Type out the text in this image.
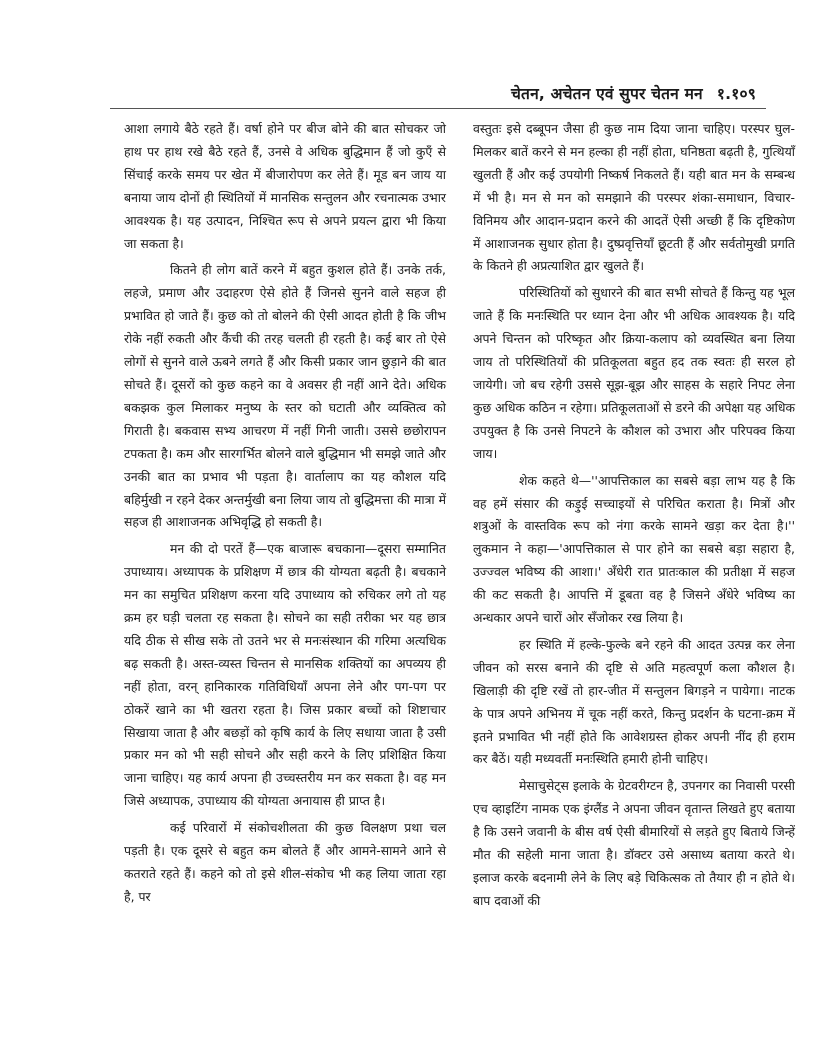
चेतन, अचेतन एवं सुपर चेतन मन १.१०९

आशा लगाये बैठे रहते हैं। वर्षा होने पर बीज बोने की बात सोचकर जो हाथ पर हाथ रखे बैठे रहते हैं, उनसे वे अधिक बुद्धिमान हैं जो कुएँ से सिंचाई करके समय पर खेत में बीजारोपण कर लेते हैं। मूड बन जाय या बनाया जाय दोनों ही स्थितियों में मानसिक सन्तुलन और रचनात्मक उभार आवश्यक है। यह उत्पादन, निश्चित रूप से अपने प्रयत्न द्वारा भी किया जा सकता है।

कितने ही लोग बातें करने में बहुत कुशल होते हैं। उनके तर्क, लहजे, प्रमाण और उदाहरण ऐसे होते हैं जिनसे सुनने वाले सहज ही प्रभावित हो जाते हैं। कुछ को तो बोलने की ऐसी आदत होती है कि जीभ रोके नहीं रुकती और कैंची की तरह चलती ही रहती है। कई बार तो ऐसे लोगों से सुनने वाले ऊबने लगते हैं और किसी प्रकार जान छुड़ाने की बात सोचते हैं। दूसरों को कुछ कहने का वे अवसर ही नहीं आने देते। अधिक बकझक कुल मिलाकर मनुष्य के स्तर को घटाती और व्यक्तित्व को गिराती है। बकवास सभ्य आचरण में नहीं गिनी जाती। उससे छछोरापन टपकता है। कम और सारगर्भित बोलने वाले बुद्धिमान भी समझे जाते और उनकी बात का प्रभाव भी पड़ता है। वार्तालाप का यह कौशल यदि बहिर्मुखी न रहने देकर अन्तर्मुखी बना लिया जाय तो बुद्धिमत्ता की मात्रा में सहज ही आशाजनक अभिवृद्धि हो सकती है।

मन की दो परतें हैं—एक बाजारू बचकाना—दूसरा सम्मानित उपाध्याय। अध्यापक के प्रशिक्षण में छात्र की योग्यता बढ़ती है। बचकाने मन का समुचित प्रशिक्षण करना यदि उपाध्याय को रुचिकर लगे तो यह क्रम हर घड़ी चलता रह सकता है। सोचने का सही तरीका भर यह छात्र यदि ठीक से सीख सके तो उतने भर से मनःसंस्थान की गरिमा अत्यधिक बढ़ सकती है। अस्त-व्यस्त चिन्तन से मानसिक शक्तियों का अपव्यय ही नहीं होता, वरन् हानिकारक गतिविधियाँ अपना लेने और पग-पग पर ठोकरें खाने का भी खतरा रहता है। जिस प्रकार बच्चों को शिष्टाचार सिखाया जाता है और बछड़ों को कृषि कार्य के लिए सधाया जाता है उसी प्रकार मन को भी सही सोचने और सही करने के लिए प्रशिक्षित किया जाना चाहिए। यह कार्य अपना ही उच्चस्तरीय मन कर सकता है। वह मन जिसे अध्यापक, उपाध्याय की योग्यता अनायास ही प्राप्त है।

कई परिवारों में संकोचशीलता की कुछ विलक्षण प्रथा चल पड़ती है। एक दूसरे से बहुत कम बोलते हैं और आमने-सामने आने से कतराते रहते हैं। कहने को तो इसे शील-संकोच भी कह लिया जाता रहा है, पर

वस्तुतः इसे दब्बूपन जैसा ही कुछ नाम दिया जाना चाहिए। परस्पर घुल-मिलकर बातें करने से मन हल्का ही नहीं होता, घनिष्ठता बढ़ती है, गुत्थियाँ खुलती हैं और कई उपयोगी निष्कर्ष निकलते हैं। यही बात मन के सम्बन्ध में भी है। मन से मन को समझाने की परस्पर शंका-समाधान, विचार- विनिमय और आदान-प्रदान करने की आदतें ऐसी अच्छी हैं कि दृष्टिकोण में आशाजनक सुधार होता है। दुष्प्रवृत्तियाँ छूटती हैं और सर्वतोमुखी प्रगति के कितने ही अप्रत्याशित द्वार खुलते हैं।

परिस्थितियों को सुधारने की बात सभी सोचते हैं किन्तु यह भूल जाते हैं कि मनःस्थिति पर ध्यान देना और भी अधिक आवश्यक है। यदि अपने चिन्तन को परिष्कृत और क्रिया-कलाप को व्यवस्थित बना लिया जाय तो परिस्थितियों की प्रतिकूलता बहुत हद तक स्वतः ही सरल हो जायेगी। जो बच रहेगी उससे सूझ-बूझ और साहस के सहारे निपट लेना कुछ अधिक कठिन न रहेगा। प्रतिकूलताओं से डरने की अपेक्षा यह अधिक उपयुक्त है कि उनसे निपटने के कौशल को उभारा और परिपक्व किया जाय।

शेक कहते थे—''आपत्तिकाल का सबसे बड़ा लाभ यह है कि वह हमें संसार की कड़ुई सच्चाइयों से परिचित कराता है। मित्रों और शत्रुओं के वास्तविक रूप को नंगा करके सामने खड़ा कर देता है।'' लुकमान ने कहा—'आपत्तिकाल से पार होने का सबसे बड़ा सहारा है, उज्ज्वल भविष्य की आशा।' अँधेरी रात प्रातःकाल की प्रतीक्षा में सहज की कट सकती है। आपत्ति में डूबता वह है जिसने अँधेरे भविष्य का अन्धकार अपने चारों ओर सँजोकर रख लिया है।

हर स्थिति में हल्के-फुल्के बने रहने की आदत उत्पन्न कर लेना जीवन को सरस बनाने की दृष्टि से अति महत्वपूर्ण कला कौशल है। खिलाड़ी की दृष्टि रखें तो हार-जीत में सन्तुलन बिगड़ने न पायेगा। नाटक के पात्र अपने अभिनय में चूक नहीं करते, किन्तु प्रदर्शन के घटना-क्रम में इतने प्रभावित भी नहीं होते कि आवेशग्रस्त होकर अपनी नींद ही हराम कर बैठें। यही मध्यवर्ती मनःस्थिति हमारी होनी चाहिए।

मेसाचुसेट्स इलाके के ग्रेटवरीग्टन है, उपनगर का निवासी परसी एच व्हाइटिंग नामक एक इंग्लैंड ने अपना जीवन वृतान्त लिखते हुए बताया है कि उसने जवानी के बीस वर्ष ऐसी बीमारियों से लड़ते हुए बिताये जिन्हें मौत की सहेली माना जाता है। डॉक्टर उसे असाध्य बताया करते थे। इलाज करके बदनामी लेने के लिए बड़े चिकित्सक तो तैयार ही न होते थे। बाप दवाओं की
